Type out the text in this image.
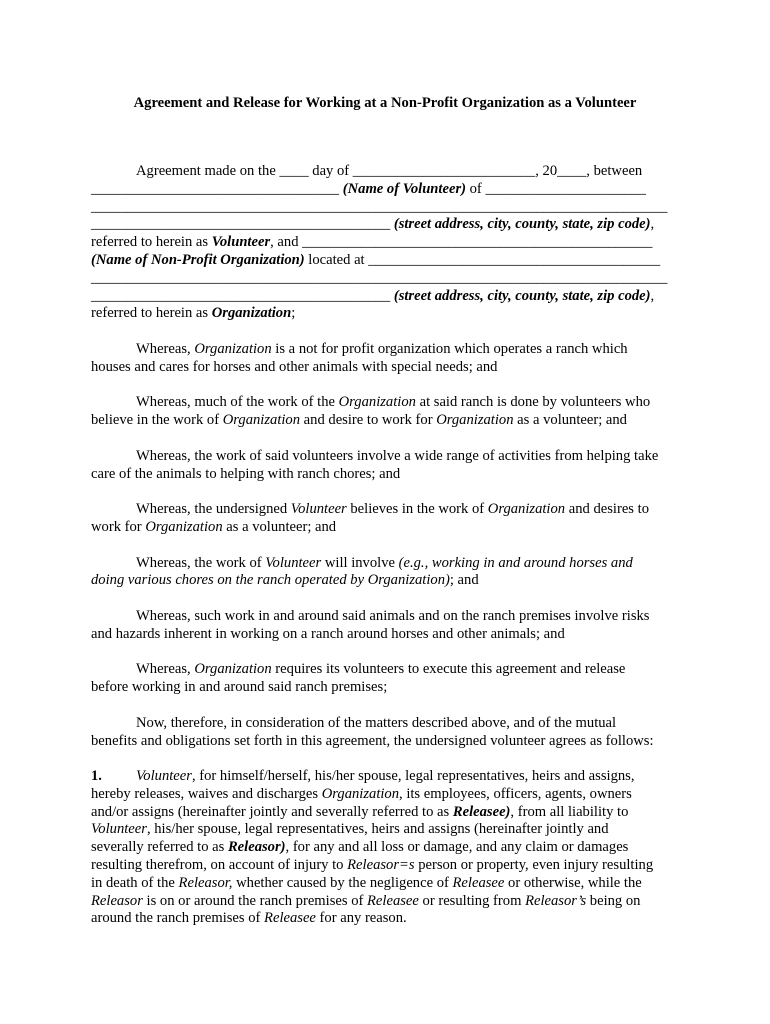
Agreement and Release for Working at a Non-Profit Organization as a Volunteer
Agreement made on the ____ day of _________________________, 20____, between
__________________________________ (Name of Volunteer) of ______________________
_______________________________________________________________________________
_________________________________________ (street address, city, county, state, zip code),
referred to herein as Volunteer, and ________________________________________________
(Name of Non-Profit Organization) located at ________________________________________
_______________________________________________________________________________
_________________________________________ (street address, city, county, state, zip code),
referred to herein as Organization;
Whereas, Organization is a not for profit organization which operates a ranch which
houses and cares for horses and other animals with special needs; and
Whereas, much of the work of the Organization at said ranch is done by volunteers who
believe in the work of Organization and desire to work for Organization as a volunteer; and
Whereas, the work of said volunteers involve a wide range of activities from helping take
care of the animals to helping with ranch chores; and
Whereas, the undersigned Volunteer believes in the work of Organization and desires to
work for Organization as a volunteer; and
Whereas, the work of Volunteer will involve (e.g., working in and around horses and
doing various chores on the ranch operated by Organization); and
Whereas, such work in and around said animals and on the ranch premises involve risks
and hazards inherent in working on a ranch around horses and other animals; and
Whereas, Organization requires its volunteers to execute this agreement and release
before working in and around said ranch premises;
Now, therefore, in consideration of the matters described above, and of the mutual
benefits and obligations set forth in this agreement, the undersigned volunteer agrees as follows:
1. Volunteer, for himself/herself, his/her spouse, legal representatives, heirs and assigns,
hereby releases, waives and discharges Organization, its employees, officers, agents, owners
and/or assigns (hereinafter jointly and severally referred to as Releasee), from all liability to
Volunteer, his/her spouse, legal representatives, heirs and assigns (hereinafter jointly and
severally referred to as Releasor), for any and all loss or damage, and any claim or damages
resulting therefrom, on account of injury to Releasor=s person or property, even injury resulting
in death of the Releasor, whether caused by the negligence of Releasee or otherwise, while the
Releasor is on or around the ranch premises of Releasee or resulting from Releasor’s being on
around the ranch premises of Releasee for any reason.
